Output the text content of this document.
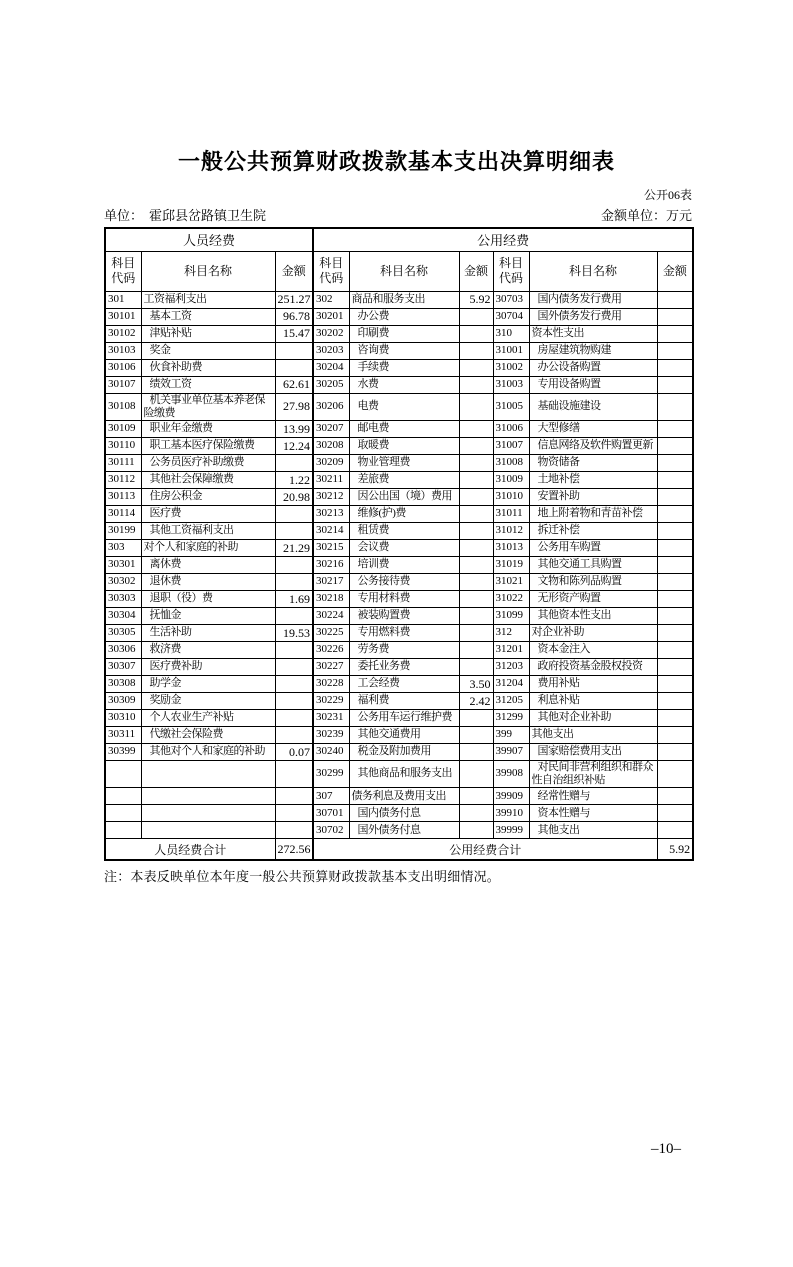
一般公共预算财政拨款基本支出决算明细表
公开06表
单位： 霍邱县岔路镇卫生院	金额单位：万元
人员经费			公用经费					
科目代码	科目名称	金额	科目代码	科目名称	金额	科目代码	科目名称	金额
301	工资福利支出	251.27	302	商品和服务支出	5.92	30703	国内债务发行费用	
30101	基本工资	96.78	30201	办公费		30704	国外债务发行费用	
30102	津贴补贴	15.47	30202	印刷费		310	资本性支出	
30103	奖金		30203	咨询费		31001	房屋建筑物购建	
30106	伙食补助费		30204	手续费		31002	办公设备购置	
30107	绩效工资	62.61	30205	水费		31003	专用设备购置	
30108	机关事业单位基本养老保险缴费	27.98	30206	电费		31005	基础设施建设	
30109	职业年金缴费	13.99	30207	邮电费		31006	大型修缮	
30110	职工基本医疗保险缴费	12.24	30208	取暖费		31007	信息网络及软件购置更新	
30111	公务员医疗补助缴费		30209	物业管理费		31008	物资储备	
30112	其他社会保障缴费	1.22	30211	差旅费		31009	土地补偿	
30113	住房公积金	20.98	30212	因公出国（境）费用		31010	安置补助	
30114	医疗费		30213	维修(护)费		31011	地上附着物和青苗补偿	
30199	其他工资福利支出		30214	租赁费		31012	拆迁补偿	
303	对个人和家庭的补助	21.29	30215	会议费		31013	公务用车购置	
30301	离休费		30216	培训费		31019	其他交通工具购置	
30302	退休费		30217	公务接待费		31021	文物和陈列品购置	
30303	退职（役）费	1.69	30218	专用材料费		31022	无形资产购置	
30304	抚恤金		30224	被装购置费		31099	其他资本性支出	
30305	生活补助	19.53	30225	专用燃料费		312	对企业补助	
30306	救济费		30226	劳务费		31201	资本金注入	
30307	医疗费补助		30227	委托业务费		31203	政府投资基金股权投资	
30308	助学金		30228	工会经费	3.50	31204	费用补贴	
30309	奖励金		30229	福利费	2.42	31205	利息补贴	
30310	个人农业生产补贴		30231	公务用车运行维护费		31299	其他对企业补助	
30311	代缴社会保险费		30239	其他交通费用		399	其他支出	
30399	其他对个人和家庭的补助	0.07	30240	税金及附加费用		39907	国家赔偿费用支出	
			30299	其他商品和服务支出		39908	对民间非营利组织和群众性自治组织补贴	
			307	债务利息及费用支出		39909	经常性赠与	
			30701	国内债务付息		39910	资本性赠与	
			30702	国外债务付息		39999	其他支出	
人员经费合计		272.56	公用经费合计					5.92
注：本表反映单位本年度一般公共预算财政拨款基本支出明细情况。
–10–
